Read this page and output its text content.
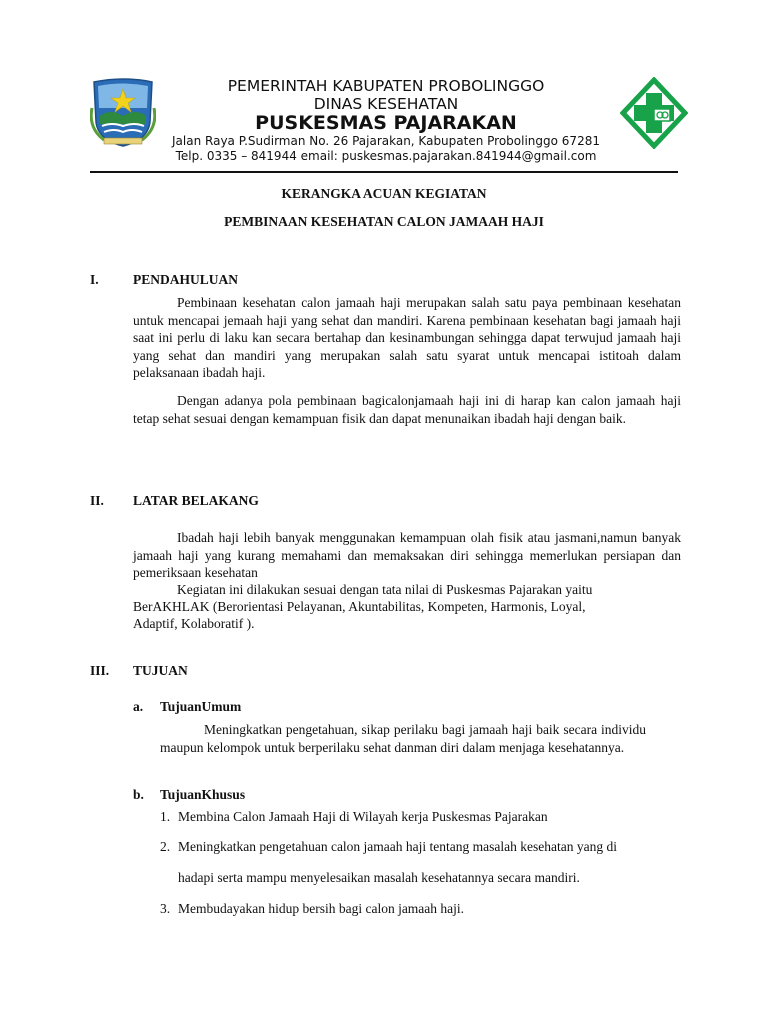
PEMERINTAH KABUPATEN PROBOLINGGO
DINAS KESEHATAN
PUSKESMAS PAJARAKAN
Jalan Raya P.Sudirman No. 26 Pajarakan, Kabupaten Probolinggo 67281
Telp. 0335 – 841944 email: puskesmas.pajarakan.841944@gmail.com
KERANGKA ACUAN KEGIATAN
PEMBINAAN KESEHATAN CALON JAMAAH HAJI
I.	PENDAHULUAN
Pembinaan kesehatan calon jamaah haji merupakan salah satu paya pembinaan kesehatan untuk mencapai jemaah haji yang sehat dan mandiri. Karena pembinaan kesehatan bagi jamaah haji saat ini perlu di laku kan secara bertahap dan kesinambungan sehingga dapat terwujud jamaah haji yang sehat dan mandiri yang merupakan salah satu syarat untuk mencapai istitoah dalam pelaksanaan ibadah haji.
Dengan adanya pola pembinaan bagicalonjamaah haji ini di harap kan calon jamaah haji tetap sehat sesuai dengan kemampuan fisik dan dapat menunaikan ibadah haji dengan baik.
II. LATAR BELAKANG
Ibadah haji lebih banyak menggunakan kemampuan olah fisik atau jasmani,namun banyak jamaah haji yang kurang memahami dan memaksakan diri sehingga memerlukan persiapan dan pemeriksaan kesehatan
Kegiatan ini dilakukan sesuai dengan tata nilai di Puskesmas Pajarakan yaitu
BerAKHLAK (Berorientasi Pelayanan, Akuntabilitas, Kompeten, Harmonis, Loyal,
Adaptif, Kolaboratif ).
III. TUJUAN
a. TujuanUmum
Meningkatkan pengetahuan, sikap perilaku bagi jamaah haji baik secara individu maupun kelompok untuk berperilaku sehat danman diri dalam menjaga kesehatannya.
b. TujuanKhusus
1. Membina Calon Jamaah Haji di Wilayah kerja Puskesmas Pajarakan
2. Meningkatkan pengetahuan calon jamaah haji tentang masalah kesehatan yang di
hadapi serta mampu menyelesaikan masalah kesehatannya secara mandiri.
3. Membudayakan hidup bersih bagi calon jamaah haji.
